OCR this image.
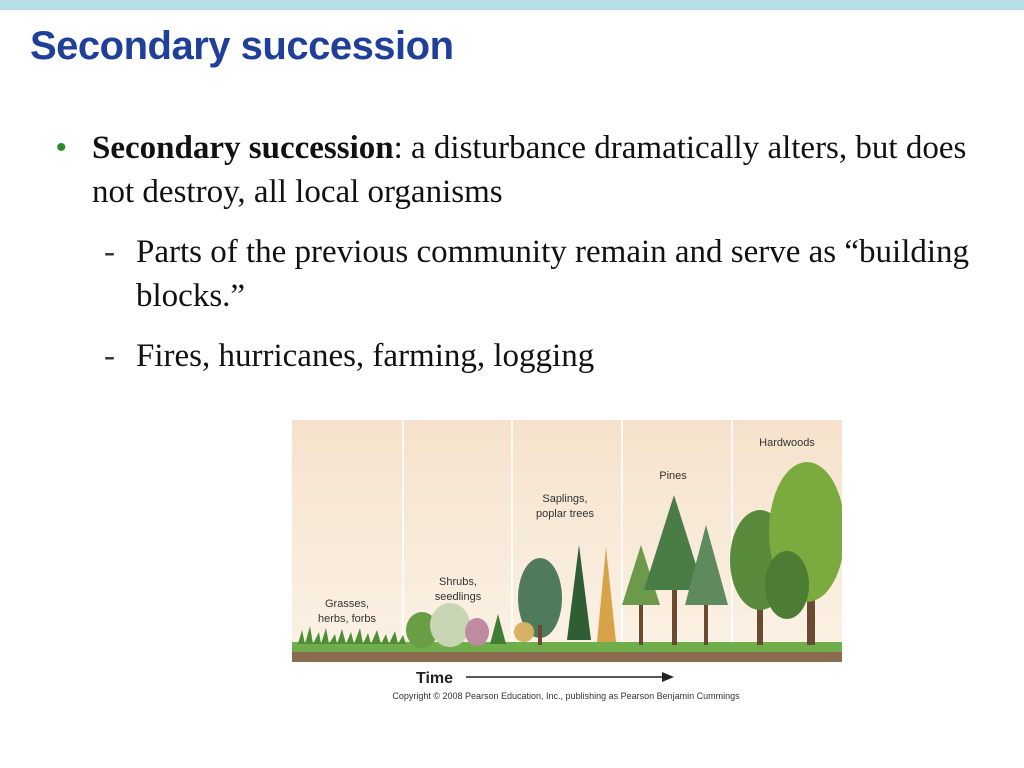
Secondary succession
• Secondary succession: a disturbance dramatically alters, but does not destroy, all local organisms
- Parts of the previous community remain and serve as “building blocks.”
- Fires, hurricanes, farming, logging
Grasses,
herbs, forbs
Shrubs,
seedlings
Saplings,
poplar trees
Pines
Hardwoods
Time
Copyright © 2008 Pearson Education, Inc., publishing as Pearson Benjamin Cummings
